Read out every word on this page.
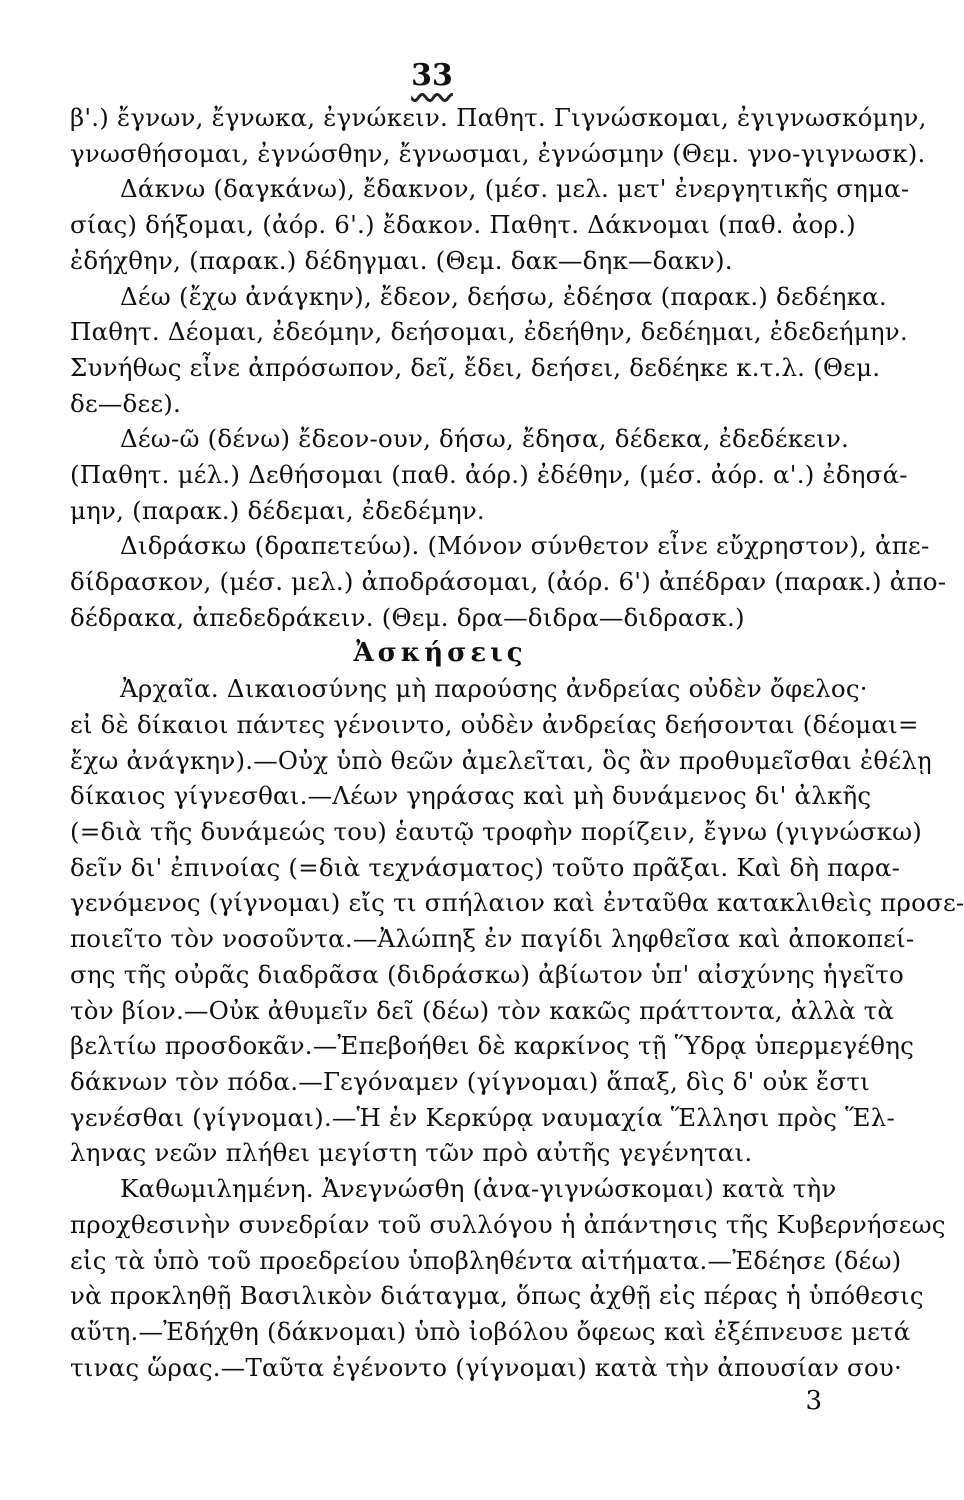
33
β'.) ἔγνων, ἔγνωκα, ἐγνώκειν. Παθητ. Γιγνώσκομαι, ἐγιγνωσκόμην,
γνωσθήσομαι, ἐγνώσθην, ἔγνωσμαι, ἐγνώσμην (Θεμ. γνο-γιγνωσκ).
Δάκνω (δαγκάνω), ἔδακνον, (μέσ. μελ. μετ' ἐνεργητικῆς σημα-
σίας) δήξομαι, (ἀόρ. 6'.) ἔδακον. Παθητ. Δάκνομαι (παθ. ἀορ.)
ἐδήχθην, (παρακ.) δέδηγμαι. (Θεμ. δακ—δηκ—δακν).
Δέω (ἔχω ἀνάγκην), ἔδεον, δεήσω, ἐδέησα (παρακ.) δεδέηκα.
Παθητ. Δέομαι, ἐδεόμην, δεήσομαι, ἐδεήθην, δεδέημαι, ἐδεδεήμην.
Συνήθως εἶνε ἀπρόσωπον, δεῖ, ἔδει, δεήσει, δεδέηκε κ.τ.λ. (Θεμ.
δε—δεε).
Δέω-ῶ (δένω) ἔδεον-ουν, δήσω, ἔδησα, δέδεκα, ἐδεδέκειν.
(Παθητ. μέλ.) Δεθήσομαι (παθ. ἀόρ.) ἐδέθην, (μέσ. ἀόρ. α'.) ἐδησά-
μην, (παρακ.) δέδεμαι, ἐδεδέμην.
Διδράσκω (δραπετεύω). (Μόνον σύνθετον εἶνε εὔχρηστον), ἀπε-
δίδρασκον, (μέσ. μελ.) ἀποδράσομαι, (ἀόρ. 6') ἀπέδραν (παρακ.) ἀπο-
δέδρακα, ἀπεδεδράκειν. (Θεμ. δρα—διδρα—διδρασκ.)
Ἀσκήσεις
Ἀρχαῖα. Δικαιοσύνης μὴ παρούσης ἀνδρείας οὐδὲν ὄφελος·
εἰ δὲ δίκαιοι πάντες γένοιντο, οὐδὲν ἀνδρείας δεήσονται (δέομαι=
ἔχω ἀνάγκην).—Οὐχ ὑπὸ θεῶν ἀμελεῖται, ὃς ἂν προθυμεῖσθαι ἐθέλῃ
δίκαιος γίγνεσθαι.—Λέων γηράσας καὶ μὴ δυνάμενος δι' ἀλκῆς
(=διὰ τῆς δυνάμεώς του) ἑαυτῷ τροφὴν πορίζειν, ἔγνω (γιγνώσκω)
δεῖν δι' ἐπινοίας (=διὰ τεχνάσματος) τοῦτο πρᾶξαι. Καὶ δὴ παρα-
γενόμενος (γίγνομαι) εἴς τι σπήλαιον καὶ ἐνταῦθα κατακλιθεὶς προσε-
ποιεῖτο τὸν νοσοῦντα.—Ἀλώπηξ ἐν παγίδι ληφθεῖσα καὶ ἀποκοπεί-
σης τῆς οὐρᾶς διαδρᾶσα (διδράσκω) ἀβίωτον ὑπ' αἰσχύνης ἡγεῖτο
τὸν βίον.—Οὐκ ἀθυμεῖν δεῖ (δέω) τὸν κακῶς πράττοντα, ἀλλὰ τὰ
βελτίω προσδοκᾶν.—Ἐπεβοήθει δὲ καρκίνος τῇ Ὕδρᾳ ὑπερμεγέθης
δάκνων τὸν πόδα.—Γεγόναμεν (γίγνομαι) ἅπαξ, δὶς δ' οὐκ ἔστι
γενέσθαι (γίγνομαι).—Ἡ ἐν Κερκύρᾳ ναυμαχία Ἕλλησι πρὸς Ἕλ-
ληνας νεῶν πλήθει μεγίστη τῶν πρὸ αὐτῆς γεγένηται.
Καθωμιλημένη. Ἀνεγνώσθη (ἀνα-γιγνώσκομαι) κατὰ τὴν
προχθεσινὴν συνεδρίαν τοῦ συλλόγου ἡ ἀπάντησις τῆς Κυβερνήσεως
εἰς τὰ ὑπὸ τοῦ προεδρείου ὑποβληθέντα αἰτήματα.—Ἐδέησε (δέω)
νὰ προκληθῇ Βασιλικὸν διάταγμα, ὅπως ἀχθῇ εἰς πέρας ἡ ὑπόθεσις
αὕτη.—Ἐδήχθη (δάκνομαι) ὑπὸ ἰοβόλου ὄφεως καὶ ἐξέπνευσε μετά
τινας ὥρας.—Ταῦτα ἐγένοντο (γίγνομαι) κατὰ τὴν ἀπουσίαν σου·
3
